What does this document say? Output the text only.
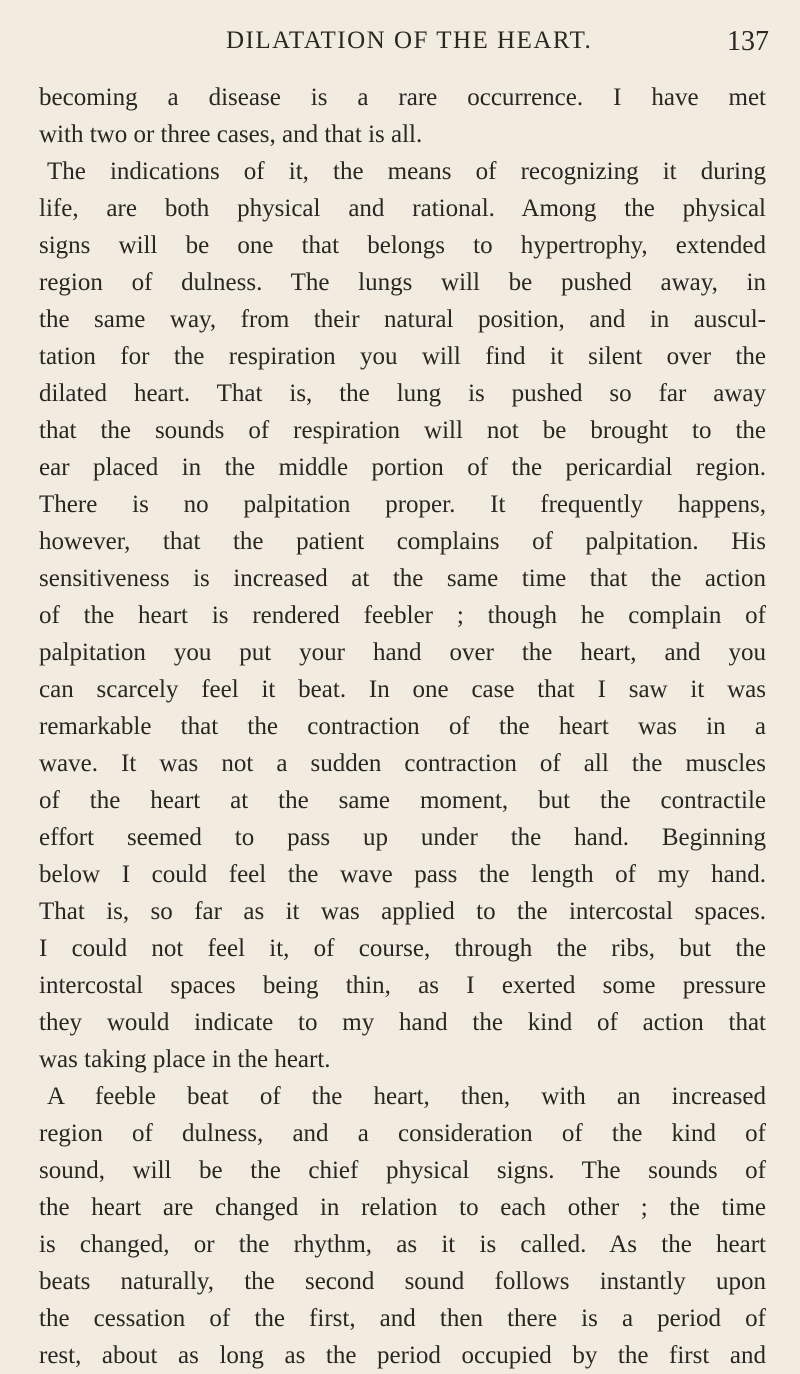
DILATATION OF THE HEART.	137
becoming a disease is a rare occurrence. I have met
with two or three cases, and that is all.
The indications of it, the means of recognizing it during
life, are both physical and rational. Among the physical
signs will be one that belongs to hypertrophy, extended
region of dulness. The lungs will be pushed away, in
the same way, from their natural position, and in auscul-
tation for the respiration you will find it silent over the
dilated heart. That is, the lung is pushed so far away
that the sounds of respiration will not be brought to the
ear placed in the middle portion of the pericardial region.
There is no palpitation proper. It frequently happens,
however, that the patient complains of palpitation. His
sensitiveness is increased at the same time that the action
of the heart is rendered feebler ; though he complain of
palpitation you put your hand over the heart, and you
can scarcely feel it beat. In one case that I saw it was
remarkable that the contraction of the heart was in a
wave. It was not a sudden contraction of all the muscles
of the heart at the same moment, but the contractile
effort seemed to pass up under the hand. Beginning
below I could feel the wave pass the length of my hand.
That is, so far as it was applied to the intercostal spaces.
I could not feel it, of course, through the ribs, but the
intercostal spaces being thin, as I exerted some pressure
they would indicate to my hand the kind of action that
was taking place in the heart.
A feeble beat of the heart, then, with an increased
region of dulness, and a consideration of the kind of
sound, will be the chief physical signs. The sounds of
the heart are changed in relation to each other ; the time
is changed, or the rhythm, as it is called. As the heart
beats naturally, the second sound follows instantly upon
the cessation of the first, and then there is a period of
rest, about as long as the period occupied by the first and
